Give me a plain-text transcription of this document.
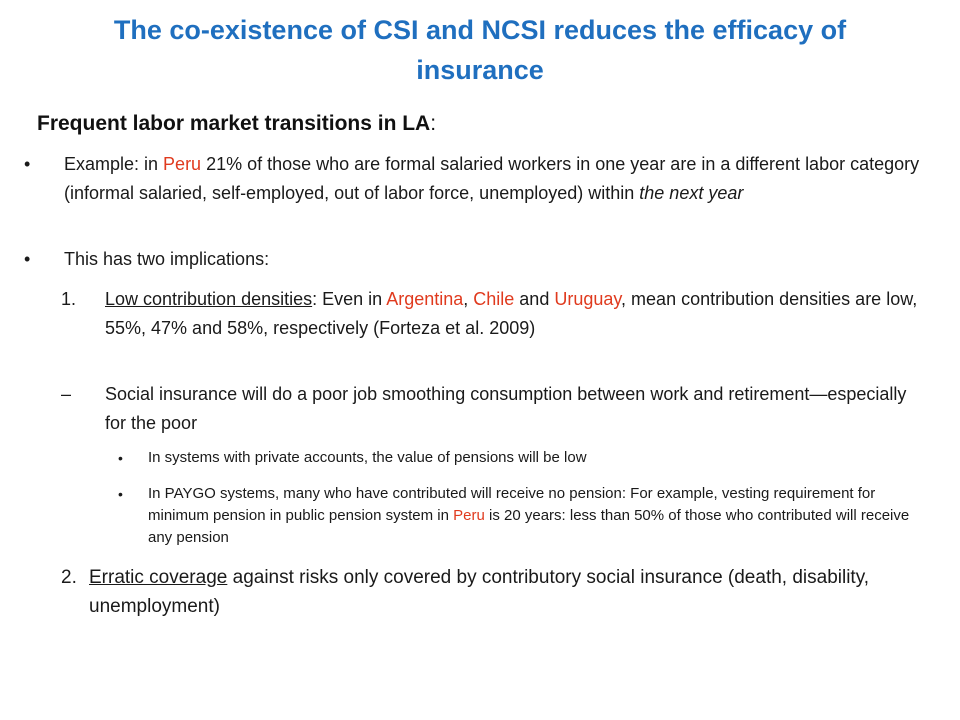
The co-existence of CSI and NCSI reduces the efficacy of insurance
Frequent labor market transitions in LA:
• Example: in Peru 21% of those who are formal salaried workers in one year are in a different labor category (informal salaried, self-employed, out of labor force, unemployed) within the next year
• This has two implications:
1. Low contribution densities: Even in Argentina, Chile and Uruguay, mean contribution densities are low, 55%, 47% and 58%, respectively (Forteza et al. 2009)
– Social insurance will do a poor job smoothing consumption between work and retirement—especially for the poor
• In systems with private accounts, the value of pensions will be low
• In PAYGO systems, many who have contributed will receive no pension: For example, vesting requirement for minimum pension in public pension system in Peru is 20 years: less than 50% of those who contributed will receive any pension
2. Erratic coverage against risks only covered by contributory social insurance (death, disability, unemployment)
